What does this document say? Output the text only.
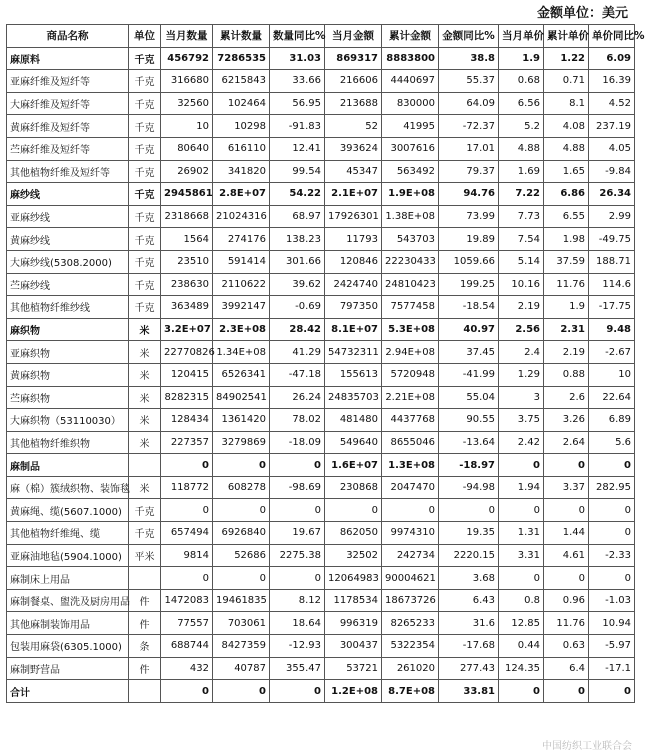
金额单位：美元
商品名称	单位	当月数量	累计数量	数量同比%	当月金额	累计金额	金额同比%	当月单价	累计单价	单价同比%
麻原料	千克	456792	7286535	31.03	869317	8883800	38.8	1.9	1.22	6.09
亚麻纤维及短纤等	千克	316680	6215843	33.66	216606	4440697	55.37	0.68	0.71	16.39
大麻纤维及短纤等	千克	32560	102464	56.95	213688	830000	64.09	6.56	8.1	4.52
黄麻纤维及短纤等	千克	10	10298	-91.83	52	41995	-72.37	5.2	4.08	237.19
苎麻纤维及短纤等	千克	80640	616110	12.41	393624	3007616	17.01	4.88	4.88	4.05
其他植物纤维及短纤等	千克	26902	341820	99.54	45347	563492	79.37	1.69	1.65	-9.84
麻纱线	千克	2945861	2.8E+07	54.22	2.1E+07	1.9E+08	94.76	7.22	6.86	26.34
亚麻纱线	千克	2318668	21024316	68.97	17926301	1.38E+08	73.99	7.73	6.55	2.99
黄麻纱线	千克	1564	274176	138.23	11793	543703	19.89	7.54	1.98	-49.75
大麻纱线(5308.2000)	千克	23510	591414	301.66	120846	22230433	1059.66	5.14	37.59	188.71
苎麻纱线	千克	238630	2110622	39.62	2424740	24810423	199.25	10.16	11.76	114.6
其他植物纤维纱线	千克	363489	3992147	-0.69	797350	7577458	-18.54	2.19	1.9	-17.75
麻织物	米	3.2E+07	2.3E+08	28.42	8.1E+07	5.3E+08	40.97	2.56	2.31	9.48
亚麻织物	米	22770826	1.34E+08	41.29	54732311	2.94E+08	37.45	2.4	2.19	-2.67
黄麻织物	米	120415	6526341	-47.18	155613	5720948	-41.99	1.29	0.88	10
苎麻织物	米	8282315	84902541	26.24	24835703	2.21E+08	55.04	3	2.6	22.64
大麻织物（53110030）	米	128434	1361420	78.02	481480	4437768	90.55	3.75	3.26	6.89
其他植物纤维织物	米	227357	3279869	-18.09	549640	8655046	-13.64	2.42	2.64	5.6
麻制品		0	0	0	1.6E+07	1.3E+08	-18.97	0	0	0
麻（棉）簇绒织物、装饰毯	米	118772	608278	-98.69	230868	2047470	-94.98	1.94	3.37	282.95
黄麻绳、缆(5607.1000)	千克	0	0	0	0	0	0	0	0	0
其他植物纤维绳、缆	千克	657494	6926840	19.67	862050	9974310	19.35	1.31	1.44	0
亚麻油地毡(5904.1000)	平米	9814	52686	2275.38	32502	242734	2220.15	3.31	4.61	-2.33
麻制床上用品		0	0	0	12064983	90004621	3.68	0	0	0
麻制餐桌、盥洗及厨房用品	件	1472083	19461835	8.12	1178534	18673726	6.43	0.8	0.96	-1.03
其他麻制装饰用品	件	77557	703061	18.64	996319	8265233	31.6	12.85	11.76	10.94
包装用麻袋(6305.1000)	条	688744	8427359	-12.93	300437	5322354	-17.68	0.44	0.63	-5.97
麻制野营品	件	432	40787	355.47	53721	261020	277.43	124.35	6.4	-17.1
合计		0	0	0	1.2E+08	8.7E+08	33.81	0	0	0
中国纺织工业联合会
